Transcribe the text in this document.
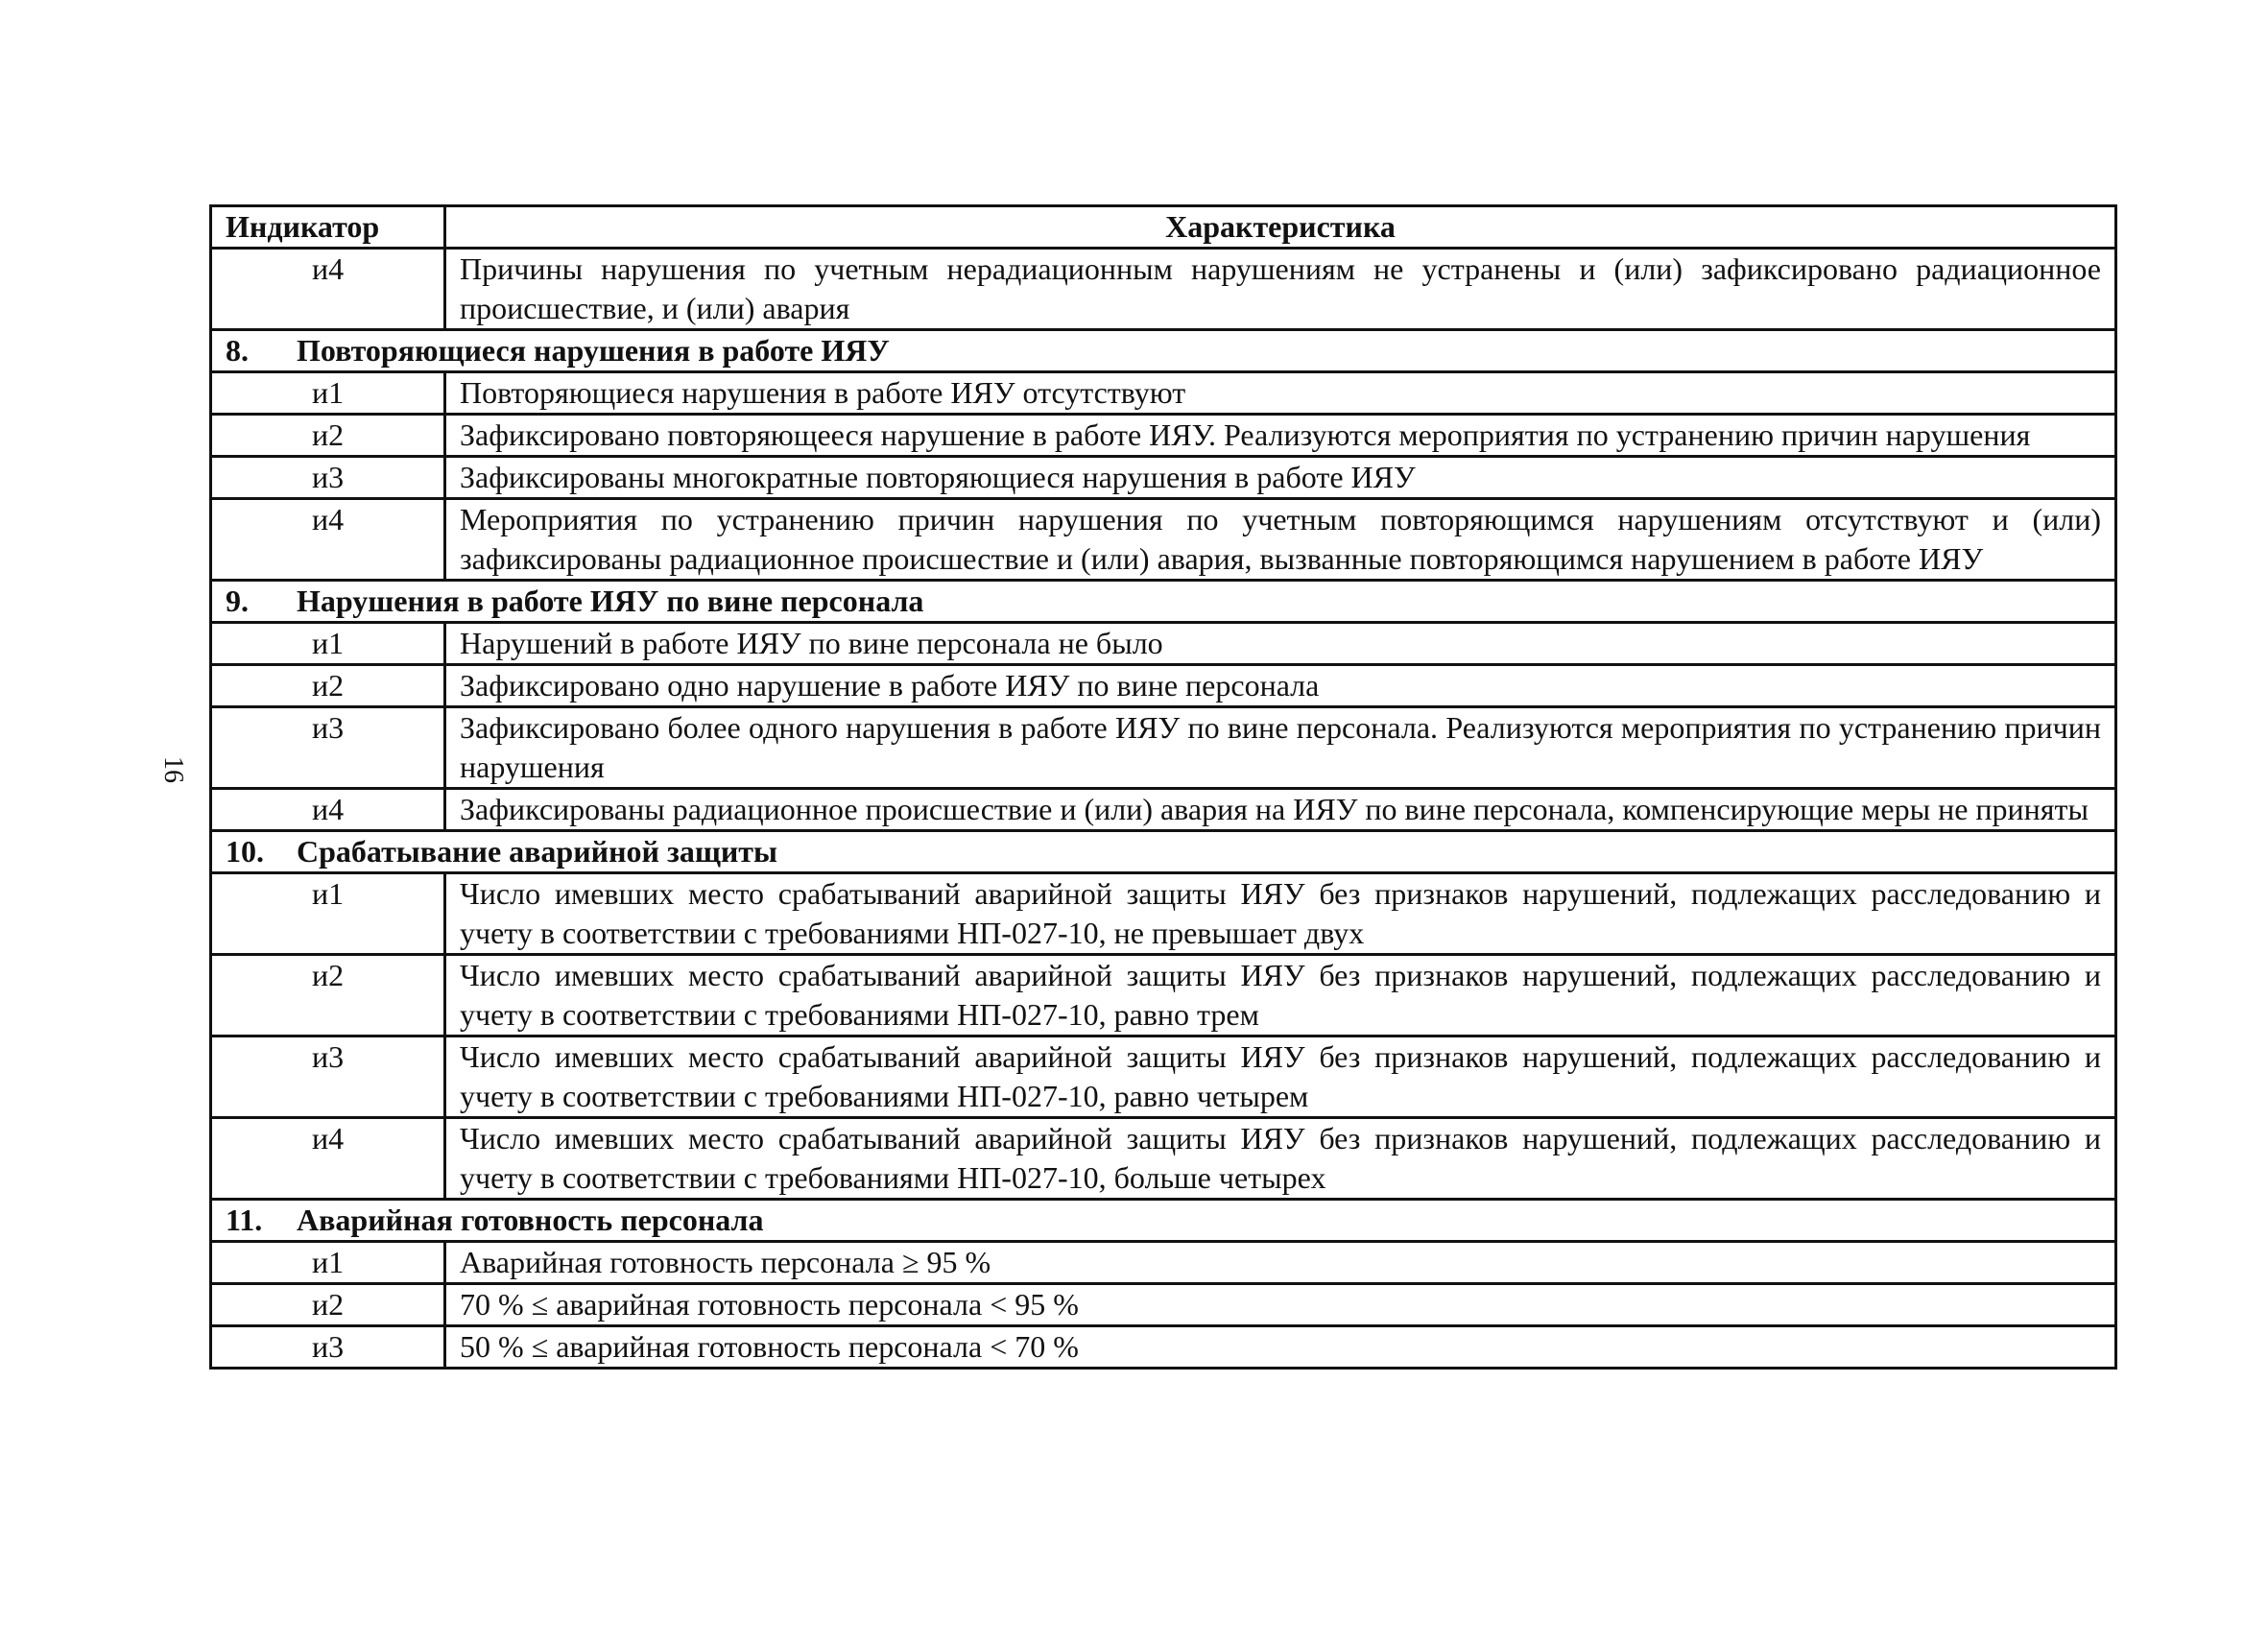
16
Индикатор	Характеристика
и4	Причины нарушения по учетным нерадиационным нарушениям не устранены и (или) зафиксировано радиационное происшествие, и (или) авария
8. Повторяющиеся нарушения в работе ИЯУ	
и1	Повторяющиеся нарушения в работе ИЯУ отсутствуют
и2	Зафиксировано повторяющееся нарушение в работе ИЯУ. Реализуются мероприятия по устранению причин нарушения
и3	Зафиксированы многократные повторяющиеся нарушения в работе ИЯУ
и4	Мероприятия по устранению причин нарушения по учетным повторяющимся нарушениям отсутствуют и (или) зафиксированы радиационное происшествие и (или) авария, вызванные повторяющимся нарушением в работе ИЯУ
9. Нарушения в работе ИЯУ по вине персонала	
и1	Нарушений в работе ИЯУ по вине персонала не было
и2	Зафиксировано одно нарушение в работе ИЯУ по вине персонала
и3	Зафиксировано более одного нарушения в работе ИЯУ по вине персонала. Реализуются мероприятия по устранению причин нарушения
и4	Зафиксированы радиационное происшествие и (или) авария на ИЯУ по вине персонала, компенсирующие меры не приняты
10. Срабатывание аварийной защиты	
и1	Число имевших место срабатываний аварийной защиты ИЯУ без признаков нарушений, подлежащих расследованию и учету в соответствии с требованиями НП-027-10, не превышает двух
и2	Число имевших место срабатываний аварийной защиты ИЯУ без признаков нарушений, подлежащих расследованию и учету в соответствии с требованиями НП-027-10, равно трем
и3	Число имевших место срабатываний аварийной защиты ИЯУ без признаков нарушений, подлежащих расследованию и учету в соответствии с требованиями НП-027-10, равно четырем
и4	Число имевших место срабатываний аварийной защиты ИЯУ без признаков нарушений, подлежащих расследованию и учету в соответствии с требованиями НП-027-10, больше четырех
11. Аварийная готовность персонала	
и1	Аварийная готовность персонала ≥ 95 %
и2	70 % ≤ аварийная готовность персонала < 95 %
и3	50 % ≤ аварийная готовность персонала < 70 %
